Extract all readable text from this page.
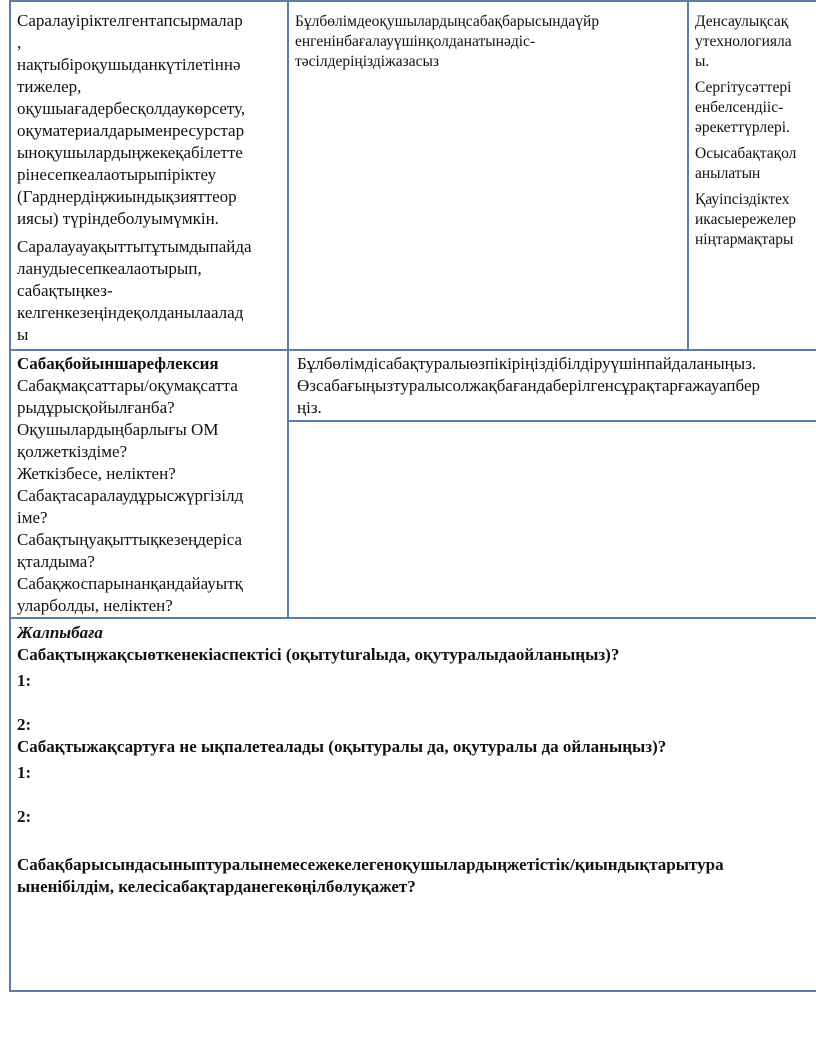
Саралауіріктелгентапсырмалар
,
нақтыбіроқушыданкүтілетіннә
тижелер,
оқушыағадербесқолдаукөрсету,
оқуматериалдарыменресурстар
ыноқушылардыңжекеқабілетте
рінесепкеалаотырыпіріктеу
(Гарднердіңжиындықзияттеор
иясы) түріндеболуымүмкін.

Саралауауақыттытұтымдыпайда
ланудыесепкеалаотырып,
сабақтыңкез-
келгенкезеңіндеқолданылаалад
ы

Бұлбөлімдеоқушылардыңсабақбарысындаүйр
енгенінбағалауүшінқолданатынәдіс-
тәсілдеріңіздіжазасыз

Денсаулықсақ
утехнологиялa
ы.

Сергітусәттері
енбелсендіiс-
әрекеттүрлері.

Осысабақтақол
анылатын

Қауіпсіздіктех
икасыережелер
ніңтармақтары

Сабақбойыншарефлексия
Сабақмақсаттары/оқумақсатта
рыдұрысқойылғанба?
Оқушылардыңбарлығы ОМ
қолжеткіздіме?
Жеткізбесе, неліктен?
Сабақтасаралаудұрысжүргізілд
іме?
Сабақтыңуақыттықкезеңдеріса
қталдыма?
Сабақжоспарынанқандайауытқ
уларболды, неліктен?
Бұлбөлімдісабақтуралыөзпікіріңіздібілдіруүшінпайдаланыңыз.
Өзсабағыңызтуралысолжақбағандаберілгенсұрақтарғажауапбер
ңіз.
Жалпыбаға
Сабақтыңжақсыөткенекіаспектісі (оқытуturalыда, оқутуралыдаойланыңыз)?
1:
2:
Сабақтыжақсартуға не ықпалетеалады (оқытуралы да, оқутуралы да ойланыңыз)?
1:
2:
Сабақбарысындасыныптуралынемесежекелегеноқушылардыңжетістік/қиындықтарытура
ыненібілдім, келесісабақтарданегекөңілбөлуқажет?
